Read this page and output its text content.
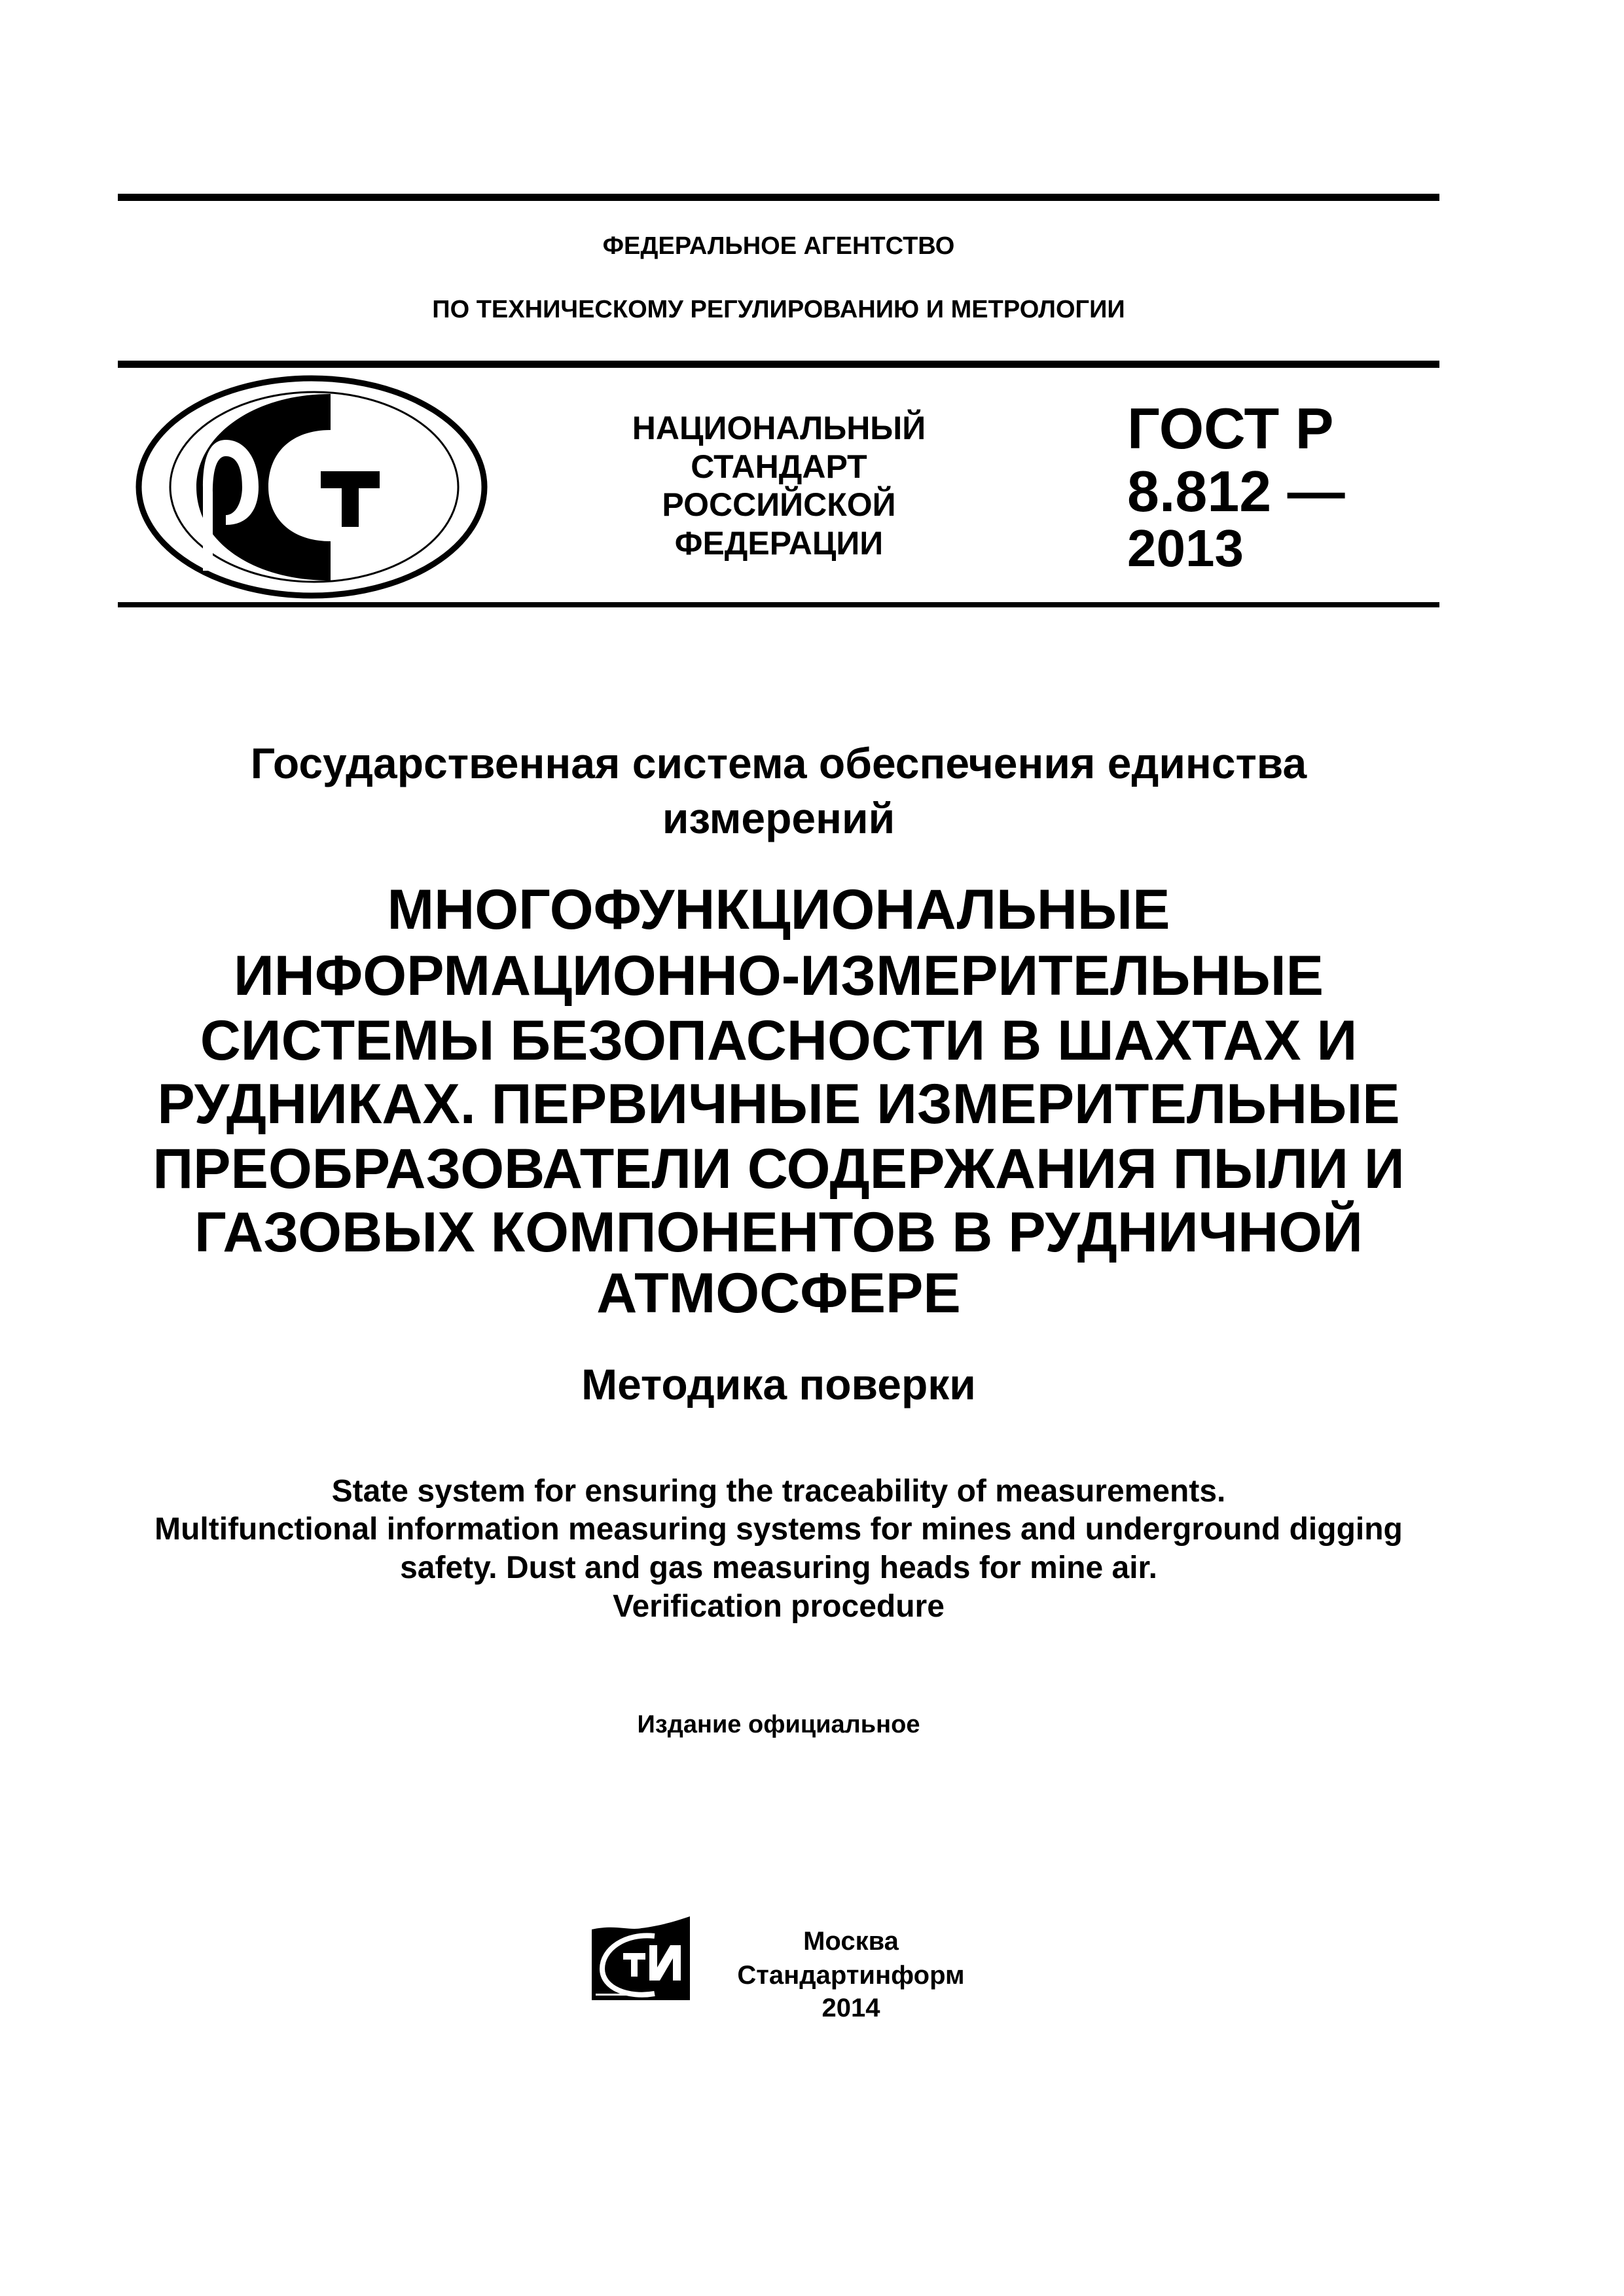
ФЕДЕРАЛЬНОЕ АГЕНТСТВО
ПО ТЕХНИЧЕСКОМУ РЕГУЛИРОВАНИЮ И МЕТРОЛОГИИ
НАЦИОНАЛЬНЫЙ
СТАНДАРТ
РОССИЙСКОЙ
ФЕДЕРАЦИИ
ГОСТ Р
8.812 —
2013
Государственная система обеспечения единства
измерений
МНОГОФУНКЦИОНАЛЬНЫЕ
ИНФОРМАЦИОННО-ИЗМЕРИТЕЛЬНЫЕ
СИСТЕМЫ БЕЗОПАСНОСТИ В ШАХТАХ И
РУДНИКАХ. ПЕРВИЧНЫЕ ИЗМЕРИТЕЛЬНЫЕ
ПРЕОБРАЗОВАТЕЛИ СОДЕРЖАНИЯ ПЫЛИ И
ГАЗОВЫХ КОМПОНЕНТОВ В РУДНИЧНОЙ
АТМОСФЕРЕ
Методика поверки
State system for ensuring the traceability of measurements.
Multifunctional information measuring systems for mines and underground digging
safety. Dust and gas measuring heads for mine air.
Verification procedure
Издание официальное
Москва
Стандартинформ
2014
